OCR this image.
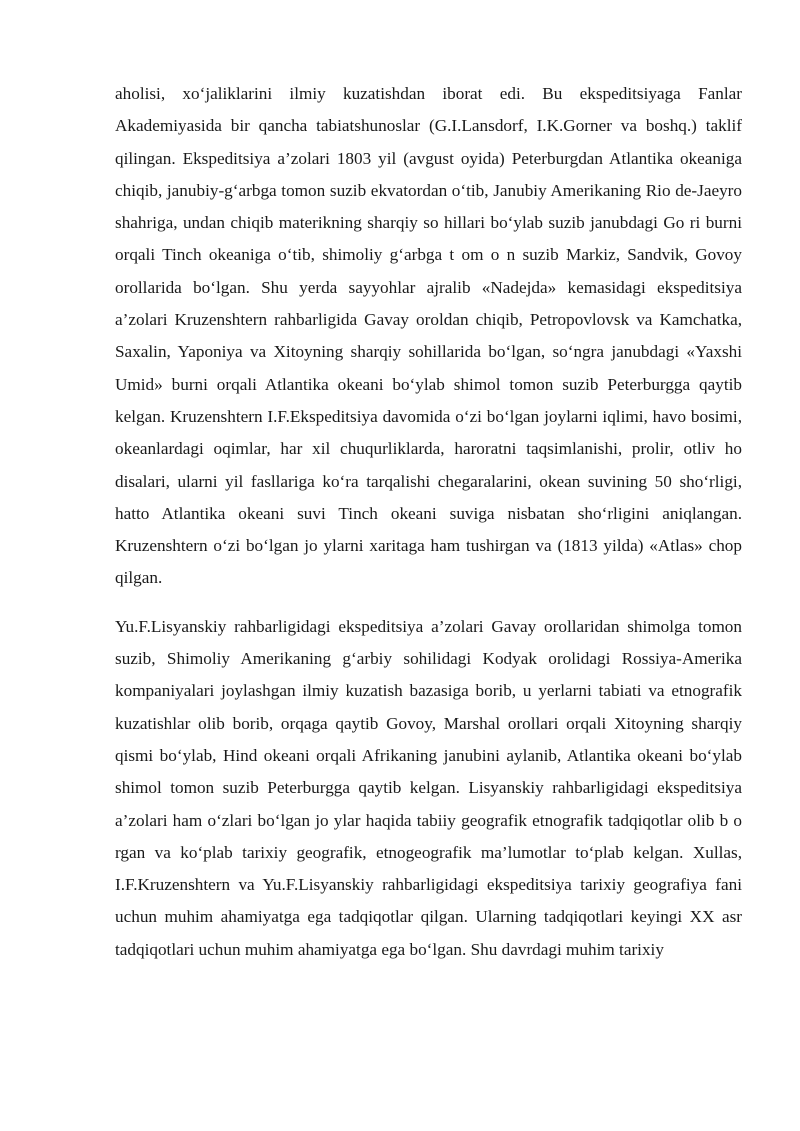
aholisi, xo‘jaliklarini ilmiy kuzatishdan iborat edi. Bu ekspeditsiyaga Fanlar Akademiyasida bir qancha tabiatshunoslar (G.I.Lansdorf, I.K.Gorner va boshq.) taklif qilingan. Ekspeditsiya a’zolari 1803 yil (avgust oyida) Peterburgdan Atlantika okeaniga chiqib, janubiy-g‘arbga tomon suzib ekvatordan o‘tib, Janubiy Amerikaning Rio de-Jaeyro shahriga, undan chiqib materikning sharqiy so hillari bo‘ylab suzib janubdagi Go ri burni orqali Tinch okeaniga o‘tib, shimoliy g‘arbga t om o n suzib Markiz, Sandvik, Govoy orollarida bo‘lgan. Shu yerda sayyohlar ajralib «Nadejda» kemasidagi ekspeditsiya a’zolari Kruzenshtern rahbarligida Gavay oroldan chiqib, Petropovlovsk va Kamchatka, Saxalin, Yaponiya va Xitoyning sharqiy sohillarida bo‘lgan, so‘ngra janubdagi «Yaxshi Umid» burni orqali Atlantika okeani bo‘ylab shimol tomon suzib Peterburgga qaytib kelgan. Kruzenshtern I.F.Ekspeditsiya davomida o‘zi bo‘lgan joylarni iqlimi, havo bosimi, okeanlardagi oqimlar, har xil chuqurliklarda, haroratni taqsimlanishi, prolir, otliv ho disalari, ularni yil fasllariga ko‘ra tarqalishi chegaralarini, okean suvining 50 sho‘rligi, hatto Atlantika okeani suvi Tinch okeani suviga nisbatan sho‘rligini aniqlangan. Kruzenshtern o‘zi bo‘lgan jo ylarni xaritaga ham tushirgan va (1813 yilda) «Atlas» chop qilgan.

Yu.F.Lisyanskiy rahbarligidagi ekspeditsiya a’zolari Gavay orollaridan shimolga tomon suzib, Shimoliy Amerikaning g‘arbiy sohilidagi Kodyak orolidagi Rossiya-Amerika kompaniyalari joylashgan ilmiy kuzatish bazasiga borib, u yerlarni tabiati va etnografik kuzatishlar olib borib, orqaga qaytib Govoy, Marshal orollari orqali Xitoyning sharqiy qismi bo‘ylab, Hind okeani orqali Afrikaning janubini aylanib, Atlantika okeani bo‘ylab shimol tomon suzib Peterburgga qaytib kelgan. Lisyanskiy rahbarligidagi ekspeditsiya a’zolari ham o‘zlari bo‘lgan jo ylar haqida tabiiy geografik etnografik tadqiqotlar olib b o rgan va ko‘plab tarixiy geografik, etnogeografik ma’lumotlar to‘plab kelgan. Xullas, I.F.Kruzenshtern va Yu.F.Lisyanskiy rahbarligidagi ekspeditsiya tarixiy geografiya fani uchun muhim ahamiyatga ega tadqiqotlar qilgan. Ularning tadqiqotlari keyingi XX asr tadqiqotlari uchun muhim ahamiyatga ega bo‘lgan. Shu davrdagi muhim tarixiy
